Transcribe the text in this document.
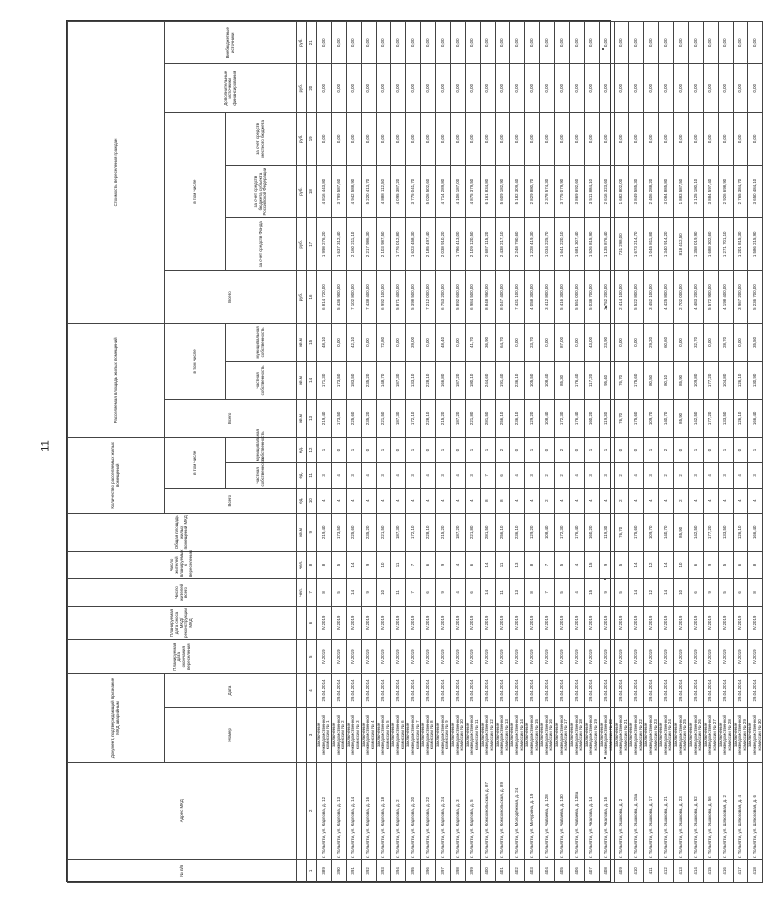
11
№ п/п	Адрес МКД	Документ, подтверждающий признание МКД аварийным		Планируемая дата окончания переселения	Планируемая дата сноса МКД/реконструкции МКД	Число жителей всего	Число жителей планируемых к переселению	Общая площадь жилых помещений МКД	Количество расселяемых жилых помещений			Расселяемая площадь жилых помещений			Стоимость переселения граждан					
		Номер	Дата						Всего	в том числе		Всего	в том числе		Всего	в том числе			Дополнительные источники финансирования	Внебюджетные источники
										частная собственность	муниципальная собственность		частная собственность	муниципальная собственность		за счет средств Фонда	за счет средств бюджета субъекта Российской Федерации	за счет средств местного бюджета		
						чел.	чел.	кв.м	ед.	ед.	ед.	кв.м	кв.м	кв.м	руб.	руб.	руб.	руб.	руб.	руб.
1	2	3	4	5	6	7	8	9	10	11	12	13	14	15	16	17	18	19	20	21
389	г. Тольятти, ул. Карлова, д. 12	заключение межведомственной комиссии № 1	29.04.2014	IV.2019	IV.2019	8	8	219,40	4	3	1	219,40	171,30	48,10	6 814 720,00	1 998 276,20	4 816 443,80	0,00	0,00	0,00
390	г. Тольятти, ул. Карлова, д. 13	заключение межведомственной комиссии № 2	29.04.2014	IV.2019	IV.2019	5	5	173,50	4	4	0	173,50	173,50	0,00	5 436 900,00	1 637 312,40	3 799 587,60	0,00	0,00	0,00
391	г. Тольятти, ул. Карлова, д. 14	заключение межведомственной комиссии № 3	29.04.2014	IV.2019	IV.2019	14	14	225,60	4	3	1	225,60	183,50	42,10	7 102 800,00	2 160 211,10	4 942 588,90	0,00	0,00	0,00
392	г. Тольятти, ул. Карлова, д. 16	заключение межведомственной комиссии № 4	29.04.2014	IV.2019	IV.2019	9	9	235,20	4	4	0	235,20	235,20	0,00	7 438 400,00	2 217 986,30	5 220 413,70	0,00	0,00	0,00
393	г. Тольятти, ул. Карлова, д. 18	заключение межведомственной комиссии № 5	29.04.2014	IV.2019	IV.2019	10	10	221,50	4	3	1	221,50	148,70	72,80	6 992 100,00	2 103 987,50	4 888 112,50	0,00	0,00	0,00
394	г. Тольятти, ул. Карлова, д. 2	заключение межведомственной комиссии № 6	29.04.2014	IV.2019	IV.2019	11	11	187,30	4	4	0	187,30	187,30	0,00	5 871 400,00	1 776 012,80	4 095 387,20	0,00	0,00	0,00
395	г. Тольятти, ул. Карлова, д. 20	заключение межведомственной комиссии № 7	29.04.2014	IV.2019	IV.2019	7	7	172,10	4	3	1	172,10	133,10	39,00	5 398 500,00	1 623 458,30	3 775 041,70	0,00	0,00	0,00
396	г. Тольятти, ул. Карлова, д. 22	заключение межведомственной комиссии № 8	29.04.2014	IV.2019	IV.2019	6	6	228,10	4	4	0	228,10	228,10	0,00	7 212 000,00	2 185 497,40	5 026 502,60	0,00	0,00	0,00
397	г. Тольятти, ул. Карлова, д. 24	заключение межведомственной комиссии № 9	29.04.2014	IV.2019	IV.2019	9	9	215,20	4	3	1	215,20	166,80	48,40	6 753 200,00	2 038 910,20	4 714 289,80	0,00	0,00	0,00
398	г. Тольятти, ул. Карлова, д. 3	заключение межведомственной комиссии № 10	29.04.2014	IV.2019	IV.2019	4	4	187,20	4	4	0	187,20	187,20	0,00	5 892 600,00	1 786 413,00	4 106 187,00	0,00	0,00	0,00
399	г. Тольятти, ул. Карлова, д. 5	заключение межведомственной комиссии № 11	29.04.2014	IV.2019	IV.2019	6	6	221,80	4	3	1	221,80	180,10	41,70	6 984 500,00	2 109 120,50	4 875 379,50	0,00	0,00	0,00
400	г. Тольятти, ул. Комсомольская, д. 87	заключение межведомственной комиссии № 12	29.04.2014	IV.2019	IV.2019	14	14	281,50	8	7	1	281,50	244,60	36,90	8 848 950,00	2 687 115,20	6 161 834,80	0,00	0,00	0,00
401	г. Тольятти, ул. Комсомольская, д. 89	заключение межведомственной комиссии № 13	29.04.2014	IV.2019	IV.2019	11	11	256,10	8	6	2	256,10	191,40	64,70	8 047 400,00	2 438 217,10	5 609 182,90	0,00	0,00	0,00
402	г. Тольятти, ул. Молодёжная, д. 24	заключение межведомственной комиссии № 14	29.04.2014	IV.2019	IV.2019	13	13	236,10	4	4	0	236,10	236,10	0,00	7 431 100,00	2 248 790,60	5 182 309,40	0,00	0,00	0,00
403	г. Тольятти, ул. Мичурина, д. 19	заключение межведомственной комиссии № 15	29.04.2014	IV.2019	IV.2019	8	8	129,20	4	3	1	129,20	105,50	23,70	4 058 300,00	1 228 419,30	2 829 880,70	0,00	0,00	0,00
404	г. Тольятти, ул. Чапаева, д. 128	заключение межведомственной комиссии № 16	29.04.2014	IV.2019	IV.2019	7	7	108,40	2	2	0	108,40	108,40	0,00	3 412 800,00	1 034 225,70	2 378 574,30	0,00	0,00	0,00
405	г. Тольятти, ул. Чапаева, д. 130	заключение межведомственной комиссии № 17	29.04.2014	IV.2019	IV.2019	5	5	172,30	4	2	2	172,30	85,30	87,00	5 416 300,00	1 641 220,10	3 775 079,90	0,00	0,00	0,00
406	г. Тольятти, ул. Чапаева, д. 138а	заключение межведомственной комиссии № 18	29.04.2014	IV.2019	IV.2019	4	4	176,40	4	4	0	176,40	176,40	0,00	5 551 000,00	1 681 307,40	3 869 692,60	0,00	0,00	0,00
407	г. Тольятти, ул. Чкалова, д. 14	заключение межведомственной комиссии № 19	29.04.2014	IV.2019	IV.2019	15	15	160,20	4	3	1	160,20	117,20	43,00	5 038 700,00	1 526 815,90	3 511 884,10	0,00	0,00	0,00
408	г. Тольятти, ул. Чкалова, д. 16	заключение межведомственной комиссии № 20	29.04.2014	IV.2019	IV.2019	9	9	119,30	4	3	1	119,30	95,40	23,90	3 752 200,00	1 135 876,40	2 616 323,60	0,00	0,00	0,00
409	г. Тольятти, ул. Ушакова, д. 2	заключение межведомственной комиссии № 21	29.04.2014	IV.2019	IV.2019	5	5	76,70	2	2	0	76,70	76,70	0,00	2 414 100,00	731 298,00	1 682 802,00	0,00	0,00	0,00
410	г. Тольятти, ул. Ушакова, д. 15а	заключение межведомственной комиссии № 22	29.04.2014	IV.2019	IV.2019	14	14	175,60	4	4	0	175,60	175,60	0,00	5 522 800,00	1 673 214,70	3 849 585,30	0,00	0,00	0,00
411	г. Тольятти, ул. Ушакова, д. 17	заключение межведомственной комиссии № 23	29.04.2014	IV.2019	IV.2019	12	12	109,70	4	3	1	109,70	80,50	29,20	3 452 100,00	1 045 811,80	2 406 288,20	0,00	0,00	0,00
412	г. Тольятти, ул. Ушакова, д. 21	заключение межведомственной комиссии № 24	29.04.2014	IV.2019	IV.2019	14	14	140,70	4	2	2	140,70	80,10	60,60	4 425 800,00	1 340 914,20	3 084 885,80	0,00	0,00	0,00
413	г. Тольятти, ул. Ушакова, д. 23	заключение межведомственной комиссии № 25	29.04.2014	IV.2019	IV.2019	10	10	85,90	2	2	0	85,90	85,90	0,00	2 702 000,00	818 412,50	1 883 587,50	0,00	0,00	0,00
414	г. Тольятти, ул. Ушакова, д. 52	заключение межведомственной комиссии № 26	29.04.2014	IV.2019	IV.2019	6	6	142,50	4	3	1	142,50	109,80	32,70	4 483 200,00	1 358 019,90	3 125 180,10	0,00	0,00	0,00
415	г. Тольятти, ул. Ушакова, д. 56	заключение межведомственной комиссии № 27	29.04.2014	IV.2019	IV.2019	9	9	177,20	4	4	0	177,20	177,20	0,00	5 572 900,00	1 688 302,60	3 884 597,40	0,00	0,00	0,00
416	г. Тольятти, ул. Шлюзовая, д. 2	заключение межведомственной комиссии № 28	29.04.2014	IV.2019	IV.2019	5	5	133,50	4	3	1	133,50	104,80	28,70	4 198 400,00	1 271 701,10	2 926 698,90	0,00	0,00	0,00
417	г. Тольятти, ул. Шлюзовая, д. 4	заключение межведомственной комиссии № 29	29.04.2014	IV.2019	IV.2019	6	6	126,10	4	4	0	126,10	126,10	0,00	3 967 200,00	1 201 815,30	2 765 384,70	0,00	0,00	0,00
418	г. Тольятти, ул. Шлюзовая, д. 6	заключение межведомственной комиссии № 30	29.04.2014	IV.2019	IV.2019	8	8	166,40	4	3	1	166,40	130,90	35,50	5 236 700,00	1 586 215,90	3 650 484,10	0,00	0,00	0,00
